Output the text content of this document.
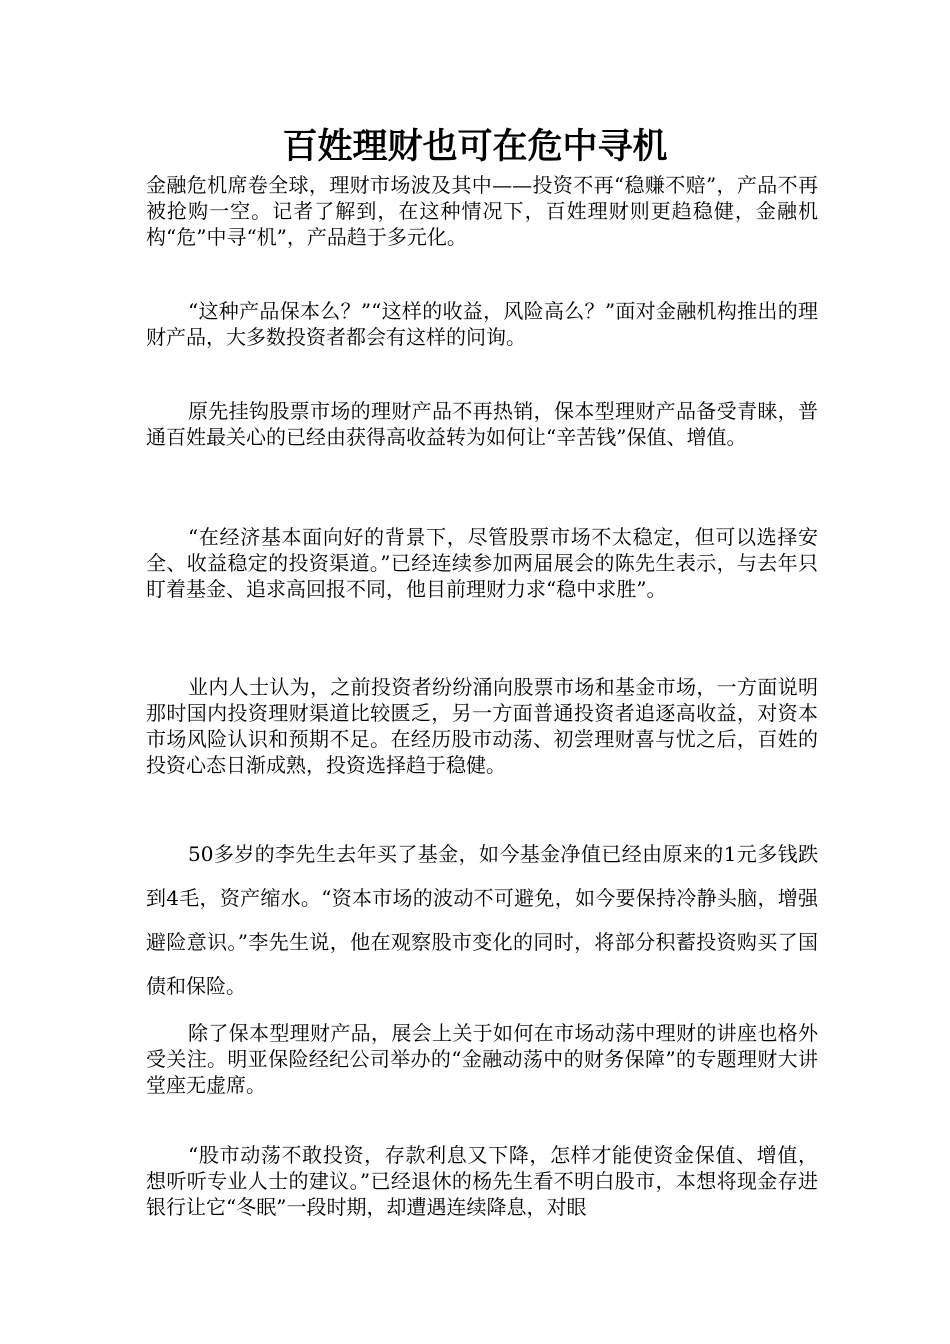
百姓理财也可在危中寻机

金融危机席卷全球，理财市场波及其中——投资不再“稳赚不赔”，产品不再被抢购一空。记者了解到，在这种情况下，百姓理财则更趋稳健，金融机构“危”中寻“机”，产品趋于多元化。

“这种产品保本么？”“这样的收益，风险高么？”面对金融机构推出的理财产品，大多数投资者都会有这样的问询。

原先挂钩股票市场的理财产品不再热销，保本型理财产品备受青睐，普通百姓最关心的已经由获得高收益转为如何让“辛苦钱”保值、增值。

“在经济基本面向好的背景下，尽管股票市场不太稳定，但可以选择安全、收益稳定的投资渠道。”已经连续参加两届展会的陈先生表示，与去年只盯着基金、追求高回报不同，他目前理财力求“稳中求胜”。

业内人士认为，之前投资者纷纷涌向股票市场和基金市场，一方面说明那时国内投资理财渠道比较匮乏，另一方面普通投资者追逐高收益，对资本市场风险认识和预期不足。在经历股市动荡、初尝理财喜与忧之后，百姓的投资心态日渐成熟，投资选择趋于稳健。

50多岁的李先生去年买了基金，如今基金净值已经由原来的1元多钱跌到4毛，资产缩水。“资本市场的波动不可避免，如今要保持冷静头脑，增强避险意识。”李先生说，他在观察股市变化的同时，将部分积蓄投资购买了国债和保险。

除了保本型理财产品，展会上关于如何在市场动荡中理财的讲座也格外受关注。明亚保险经纪公司举办的“金融动荡中的财务保障”的专题理财大讲堂座无虚席。

“股市动荡不敢投资，存款利息又下降，怎样才能使资金保值、增值，想听听专业人士的建议。”已经退休的杨先生看不明白股市，本想将现金存进银行让它“冬眠”一段时期，却遭遇连续降息，对眼
